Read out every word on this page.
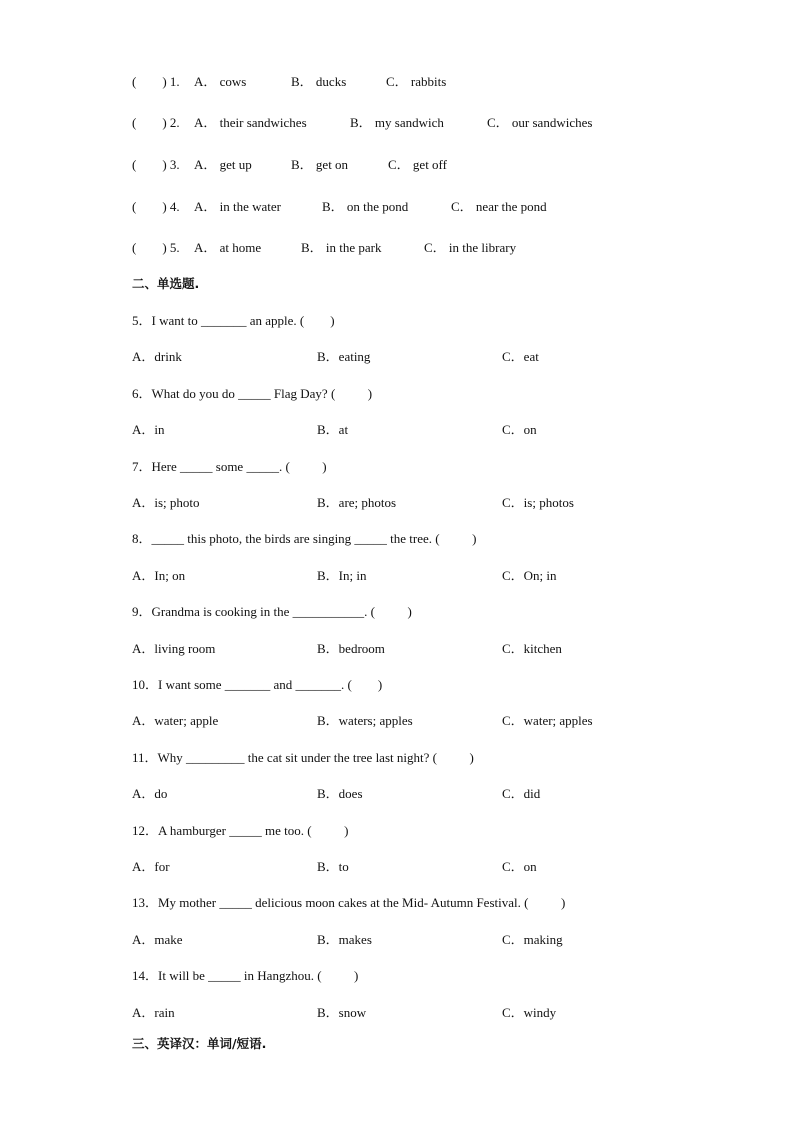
(        ) 1. A． cows	B． ducks	C． rabbits
(        ) 2. A． their sandwiches	B． my sandwich	C． our sandwiches
(        ) 3. A． get up	B． get on	C． get off
(        ) 4. A． in the water	B． on the pond	C． near the pond
(        ) 5. A． at home	B． in the park	C． in the library
二、单选题.
5．I want to _______ an apple. (        )
A．drink	B．eating	C．eat
6．What do you do _____ Flag Day? (          )
A．in	B．at	C．on
7．Here _____ some _____. (          )
A．is; photo	B．are; photos	C．is; photos
8．_____ this photo, the birds are singing _____ the tree. (          )
A．In; on	B．In; in	C．On; in
9．Grandma is cooking in the ___________. (          )
A．living room	B．bedroom	C．kitchen
10．I want some _______ and _______. (        )
A．water; apple	B．waters; apples	C．water; apples
11．Why _________ the cat sit under the tree last night? (          )
A．do	B．does	C．did
12．A hamburger _____ me too. (          )
A．for	B．to	C．on
13．My mother _____ delicious moon cakes at the Mid- Autumn Festival. (          )
A．make	B．makes	C．making
14．It will be _____ in Hangzhou. (          )
A．rain	B．snow	C．windy
三、英译汉：单词/短语.
